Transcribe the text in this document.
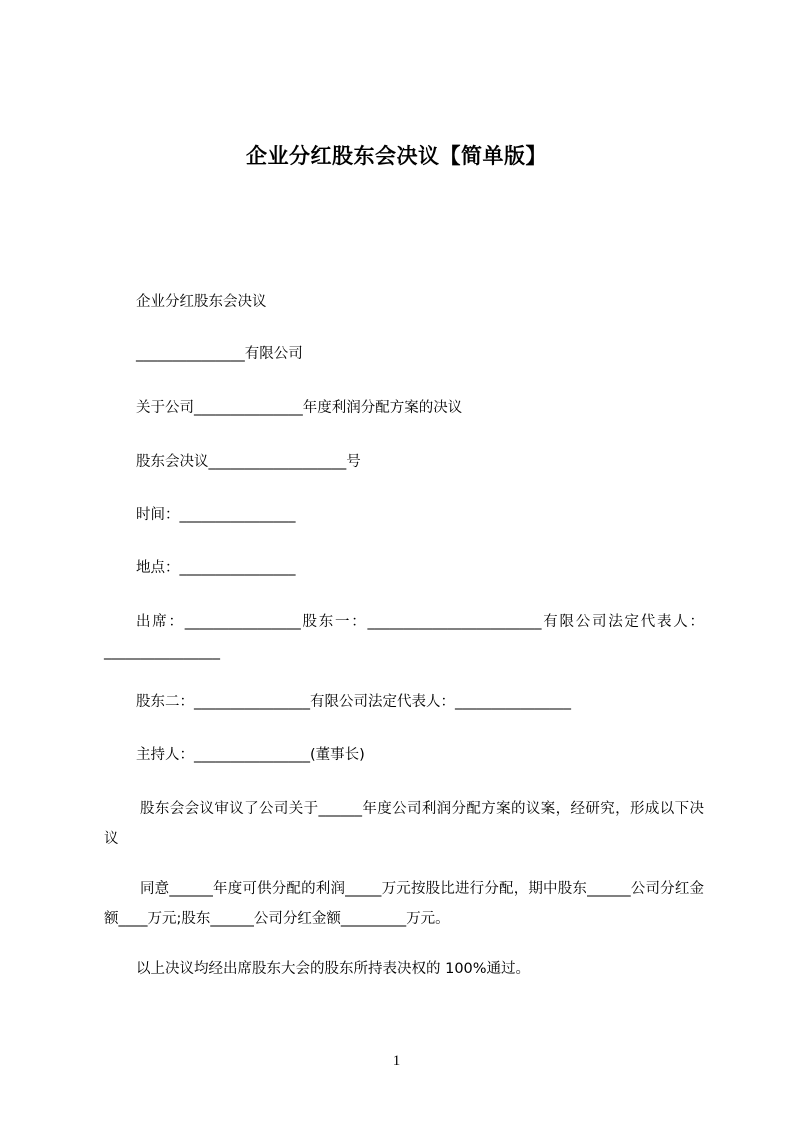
企业分红股东会决议【简单版】
企业分红股东会决议
_______________有限公司
关于公司_______________年度利润分配方案的决议
股东会决议___________________号
时间：________________
地点：________________
出席：________________股东一：________________________有限公司法定代表人：________________
股东二：________________有限公司法定代表人：________________
主持人：________________(董事长)
股东会会议审议了公司关于______年度公司利润分配方案的议案，经研究，形成以下决议
同意______年度可供分配的利润_____万元按股比进行分配，期中股东______公司分红金额____万元;股东______公司分红金额_________万元。
以上决议均经出席股东大会的股东所持表决权的 100%通过。
1
